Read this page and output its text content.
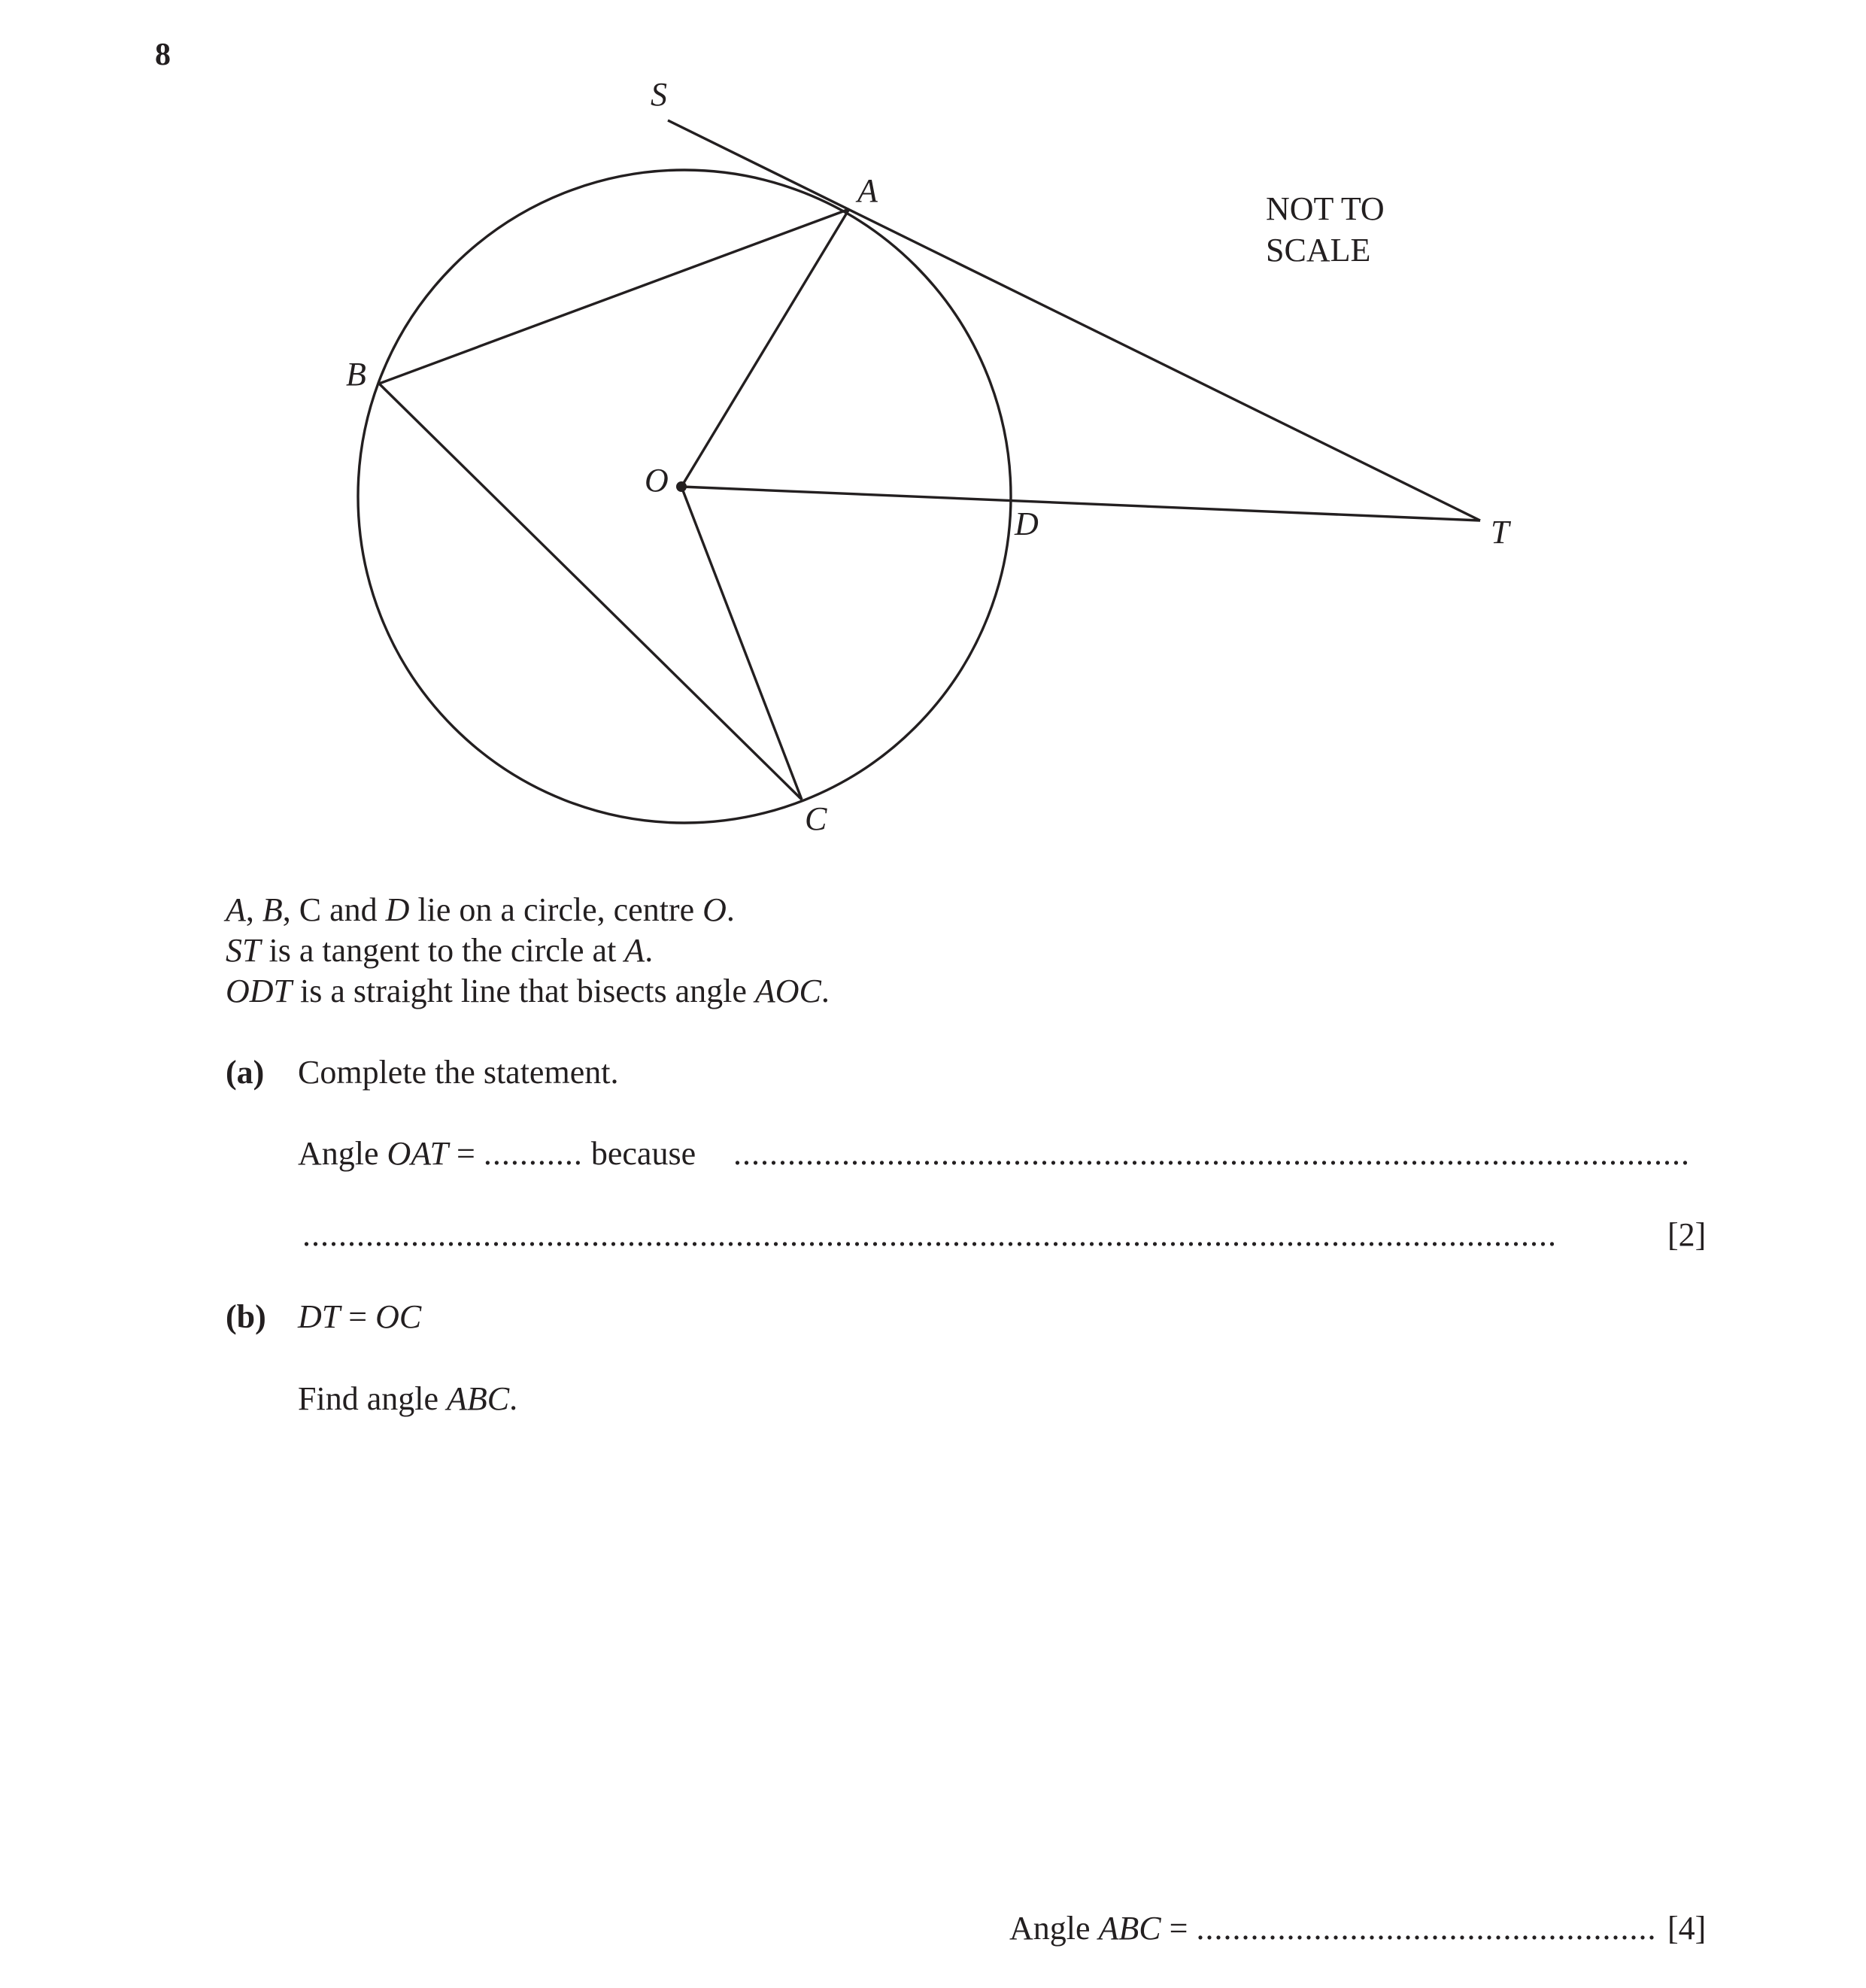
8
S
A
B
O
D	T
C
NOT TO
SCALE
A, B, C and D lie on a circle, centre O.
ST is a tangent to the circle at A.
ODT is a straight line that bisects angle AOC.
(a) Complete the statement.
Angle OAT = ........... because ..........................................................................................................
...........................................................................................................................................	[2]
(b) DT = OC
Find angle ABC.
Angle ABC = ................................................... [4]
